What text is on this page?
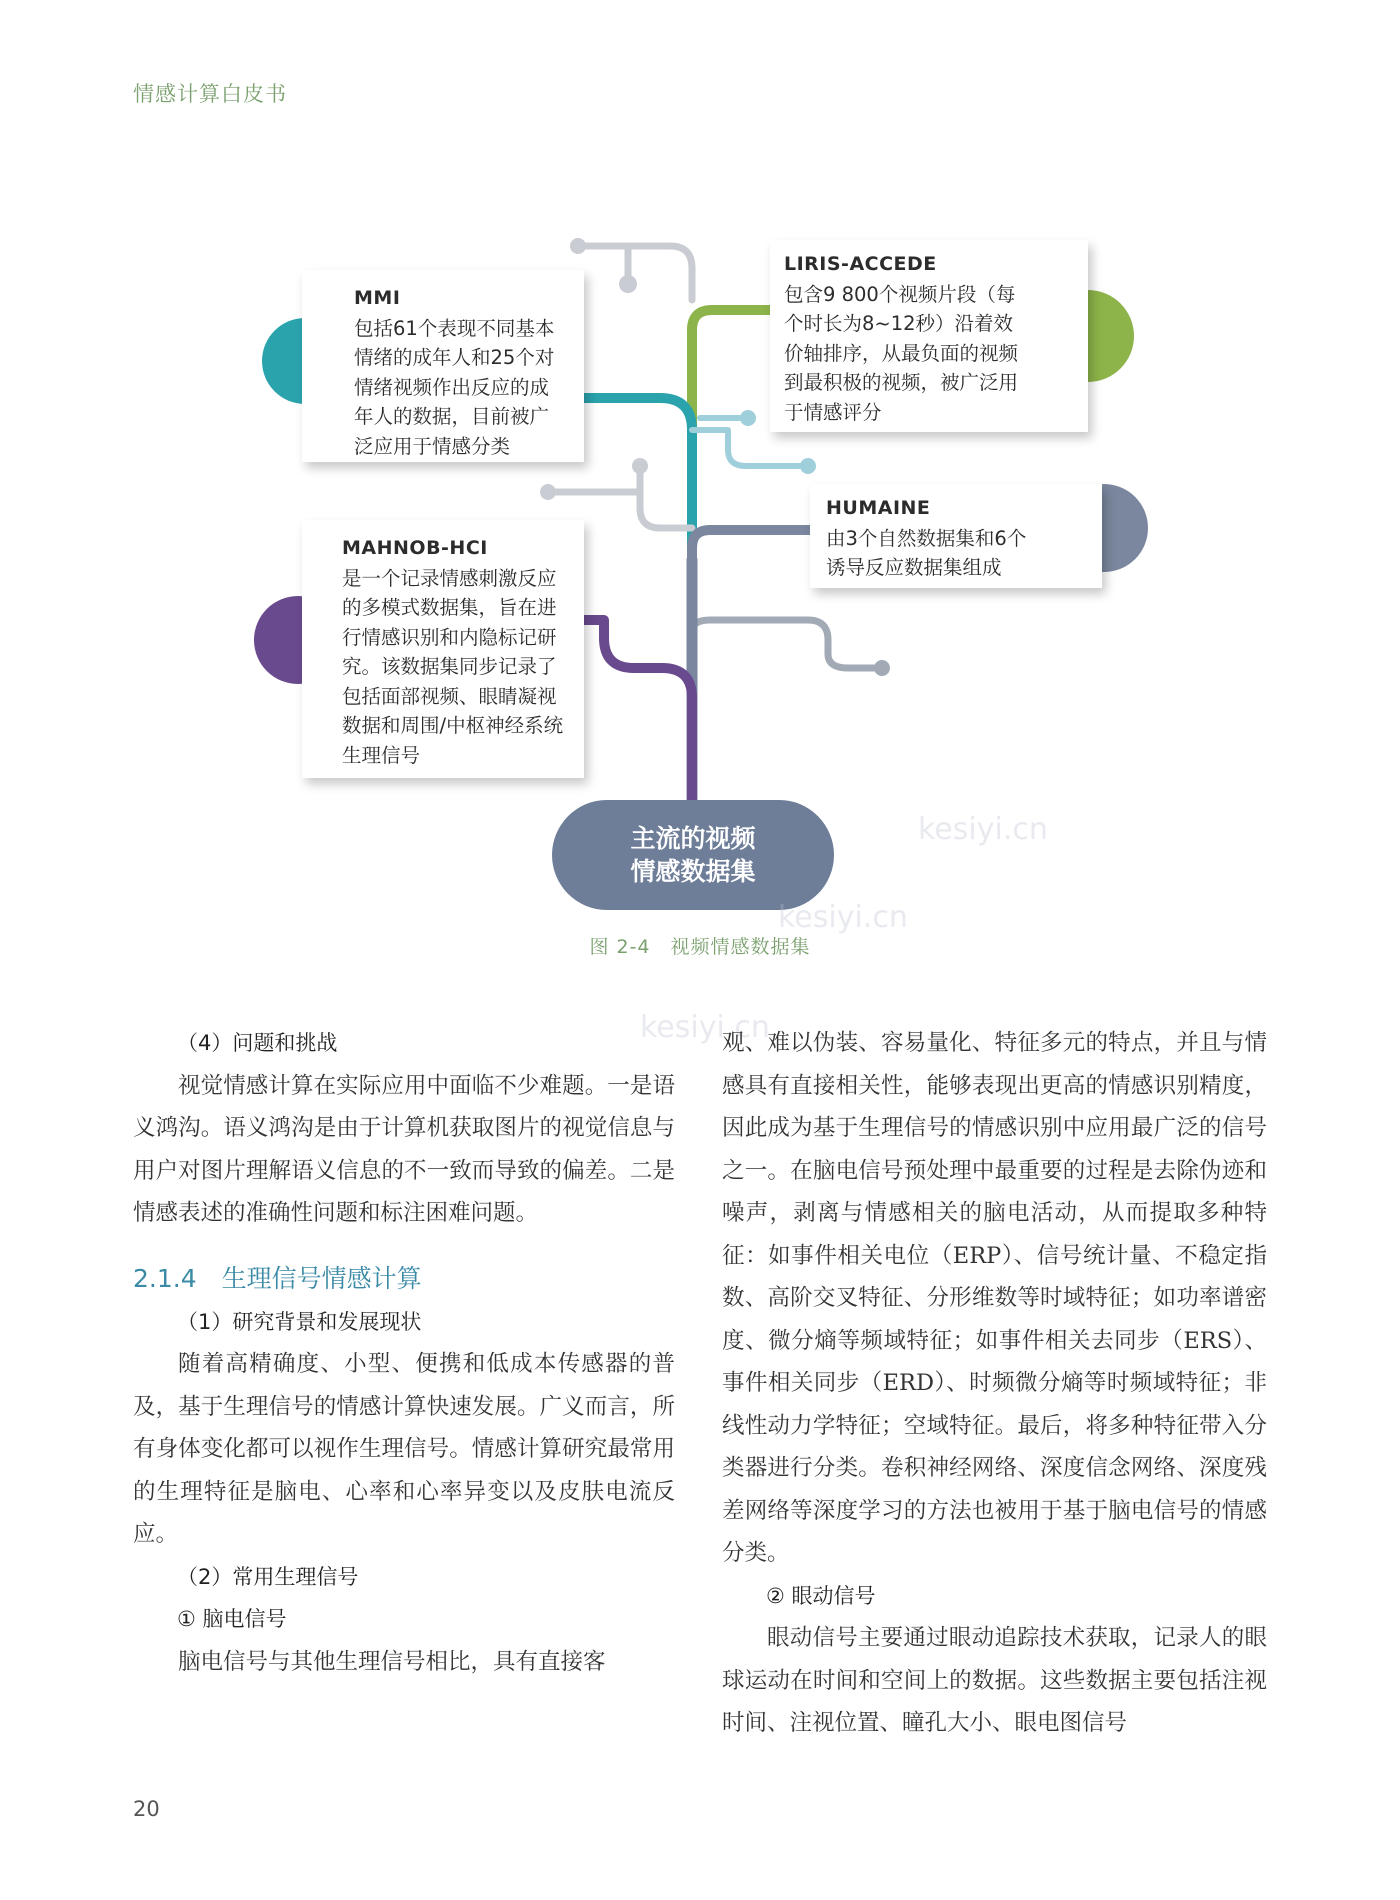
情感计算白皮书
MMI
包括61个表现不同基本
情绪的成年人和25个对
情绪视频作出反应的成
年人的数据，目前被广
泛应用于情感分类
LIRIS-ACCEDE
包含9 800个视频片段（每
个时长为8~12秒）沿着效
价轴排序，从最负面的视频
到最积极的视频，被广泛用
于情感评分
HUMAINE
由3个自然数据集和6个
诱导反应数据集组成
MAHNOB-HCI
是一个记录情感刺激反应
的多模式数据集，旨在进
行情感识别和内隐标记研
究。该数据集同步记录了
包括面部视频、眼睛凝视
数据和周围/中枢神经系统
生理信号
主流的视频
情感数据集
kesiyi.cn
kesiyi.cn
kesiyi.cn
图 2-4　视频情感数据集

（4）问题和挑战

视觉情感计算在实际应用中面临不少难题。一是语义鸿沟。语义鸿沟是由于计算机获取图片的视觉信息与用户对图片理解语义信息的不一致而导致的偏差。二是情感表述的准确性问题和标注困难问题。

2.1.4　生理信号情感计算

（1）研究背景和发展现状

随着高精确度、小型、便携和低成本传感器的普及，基于生理信号的情感计算快速发展。广义而言，所有身体变化都可以视作生理信号。情感计算研究最常用的生理特征是脑电、心率和心率异变以及皮肤电流反应。

（2）常用生理信号

① 脑电信号

脑电信号与其他生理信号相比，具有直接客

观、难以伪装、容易量化、特征多元的特点，并且与情感具有直接相关性，能够表现出更高的情感识别精度，因此成为基于生理信号的情感识别中应用最广泛的信号之一。在脑电信号预处理中最重要的过程是去除伪迹和噪声，剥离与情感相关的脑电活动，从而提取多种特征：如事件相关电位（ERP）、信号统计量、不稳定指数、高阶交叉特征、分形维数等时域特征；如功率谱密度、微分熵等频域特征；如事件相关去同步（ERS）、事件相关同步（ERD）、时频微分熵等时频域特征；非线性动力学特征；空域特征。最后，将多种特征带入分类器进行分类。卷积神经网络、深度信念网络、深度残差网络等深度学习的方法也被用于基于脑电信号的情感分类。

② 眼动信号

眼动信号主要通过眼动追踪技术获取，记录人的眼球运动在时间和空间上的数据。这些数据主要包括注视时间、注视位置、瞳孔大小、眼电图信号

20
